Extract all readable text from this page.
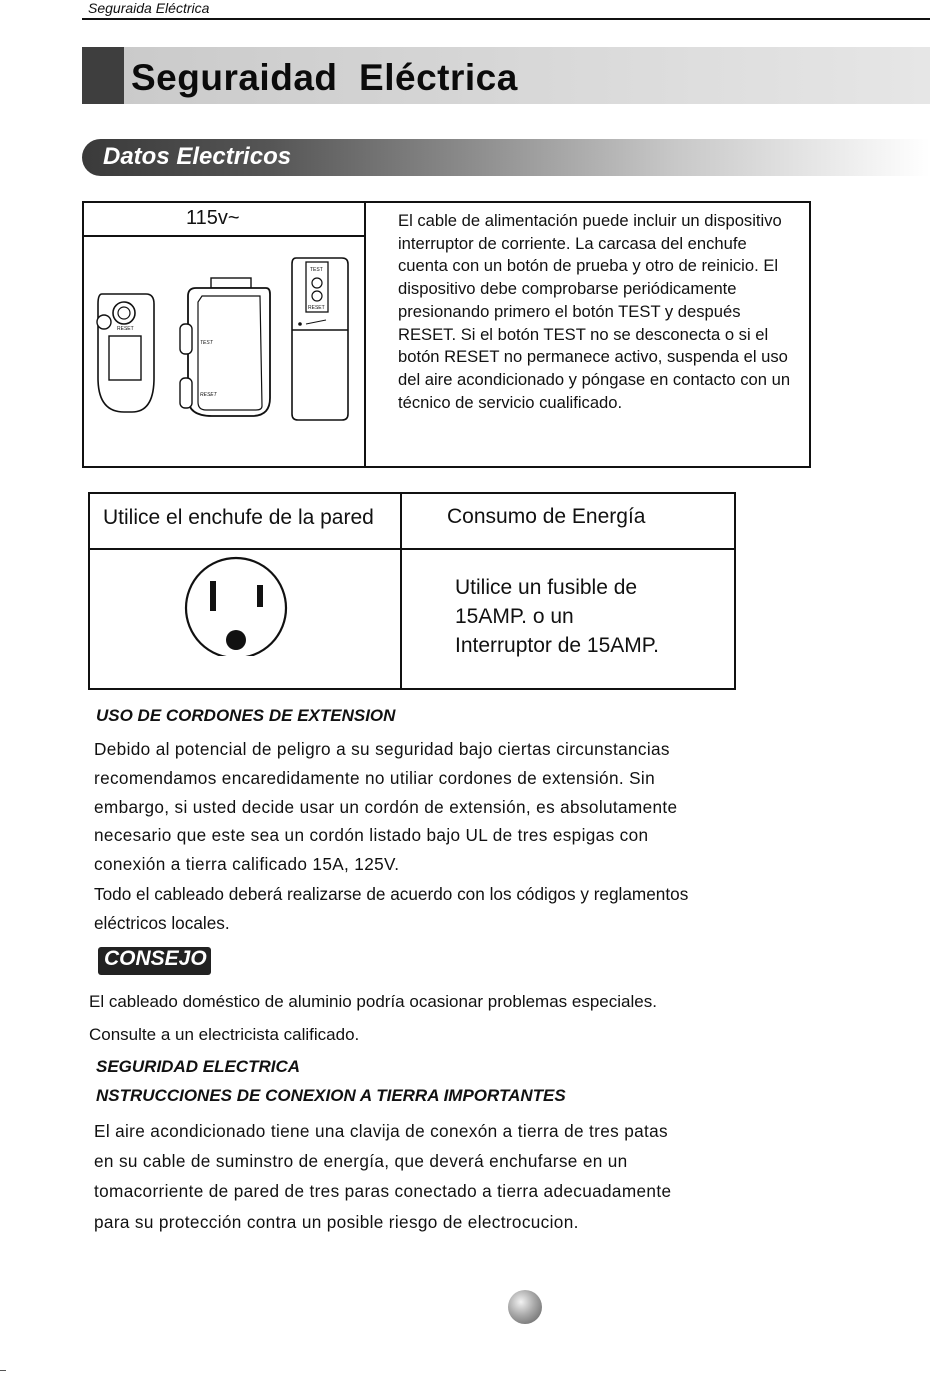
Seguraida Eléctrica
Seguraidad  Eléctrica
Datos Electricos
115v~
RESET
TEST
RESET
TEST
RESET
El cable de alimentación puede incluir un dispositivo interruptor de corriente. La carcasa del enchufe cuenta con un botón de prueba y otro de reinicio. El dispositivo debe comprobarse periódicamente presionando primero el botón TEST y después RESET. Si el botón TEST no se desconecta o si el botón RESET no permanece activo, suspenda el uso del aire acondicionado y póngase en contacto con un técnico de servicio cualificado.
Utilice el enchufe de la pared	Consumo de Energía
Utilice un fusible de
15AMP. o un
Interruptor de 15AMP.
USO DE CORDONES DE EXTENSION
Debido al potencial de peligro a su seguridad bajo ciertas circunstancias
recomendamos encaredidamente no utiliar cordones de extensión. Sin
embargo, si usted decide usar un cordón de extensión, es absolutamente
necesario que este sea un cordón listado bajo UL de tres espigas con
conexión a tierra calificado 15A, 125V.
Todo el cableado deberá realizarse de acuerdo con los códigos y reglamentos
eléctricos locales.
CONSEJO
El cableado doméstico de aluminio podría ocasionar problemas especiales.
Consulte a un electricista calificado.
SEGURIDAD ELECTRICA
NSTRUCCIONES DE CONEXION A TIERRA IMPORTANTES
El aire acondicionado tiene una clavija de conexón a tierra de tres patas
en su cable de suminstro de energía, que deverá enchufarse en un
tomacorriente de pared de tres paras conectado a tierra adecuadamente
para su protección contra un posible riesgo de electrocucion.
